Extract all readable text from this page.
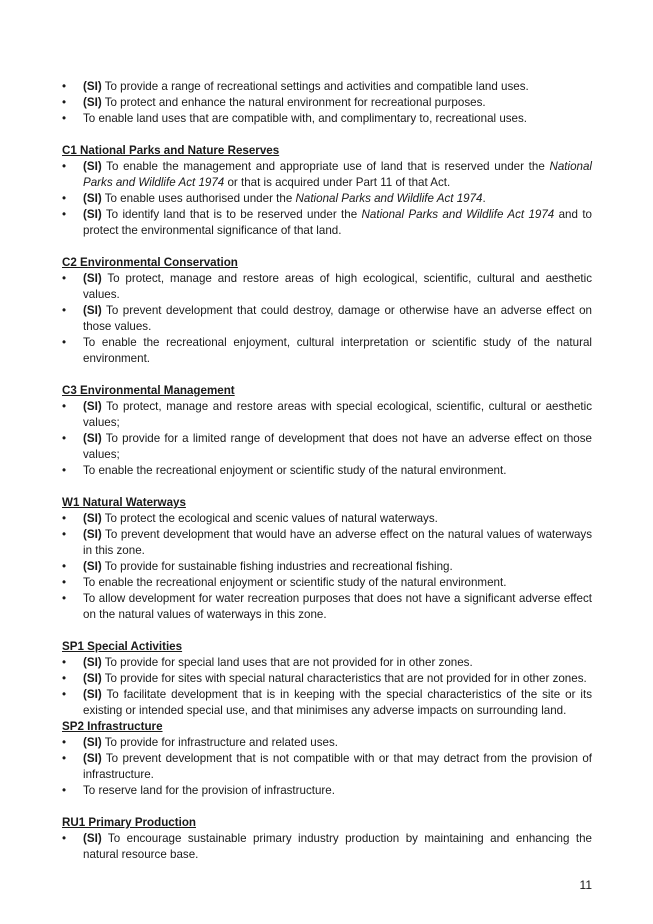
• (SI) To provide a range of recreational settings and activities and compatible land uses.
• (SI) To protect and enhance the natural environment for recreational purposes.
• To enable land uses that are compatible with, and complimentary to, recreational uses.
C1 National Parks and Nature Reserves
• (SI) To enable the management and appropriate use of land that is reserved under the National Parks and Wildlife Act 1974 or that is acquired under Part 11 of that Act.
• (SI) To enable uses authorised under the National Parks and Wildlife Act 1974.
• (SI) To identify land that is to be reserved under the National Parks and Wildlife Act 1974 and to protect the environmental significance of that land.
C2 Environmental Conservation
• (SI) To protect, manage and restore areas of high ecological, scientific, cultural and aesthetic values.
• (SI) To prevent development that could destroy, damage or otherwise have an adverse effect on those values.
• To enable the recreational enjoyment, cultural interpretation or scientific study of the natural environment.
C3 Environmental Management
• (SI) To protect, manage and restore areas with special ecological, scientific, cultural or aesthetic values;
• (SI) To provide for a limited range of development that does not have an adverse effect on those values;
• To enable the recreational enjoyment or scientific study of the natural environment.
W1 Natural Waterways
• (SI) To protect the ecological and scenic values of natural waterways.
• (SI) To prevent development that would have an adverse effect on the natural values of waterways in this zone.
• (SI) To provide for sustainable fishing industries and recreational fishing.
• To enable the recreational enjoyment or scientific study of the natural environment.
• To allow development for water recreation purposes that does not have a significant adverse effect on the natural values of waterways in this zone.
SP1 Special Activities
• (SI) To provide for special land uses that are not provided for in other zones.
• (SI) To provide for sites with special natural characteristics that are not provided for in other zones.
• (SI) To facilitate development that is in keeping with the special characteristics of the site or its existing or intended special use, and that minimises any adverse impacts on surrounding land.
SP2 Infrastructure
• (SI) To provide for infrastructure and related uses.
• (SI) To prevent development that is not compatible with or that may detract from the provision of infrastructure.
• To reserve land for the provision of infrastructure.
RU1 Primary Production
• (SI) To encourage sustainable primary industry production by maintaining and enhancing the natural resource base.
11
